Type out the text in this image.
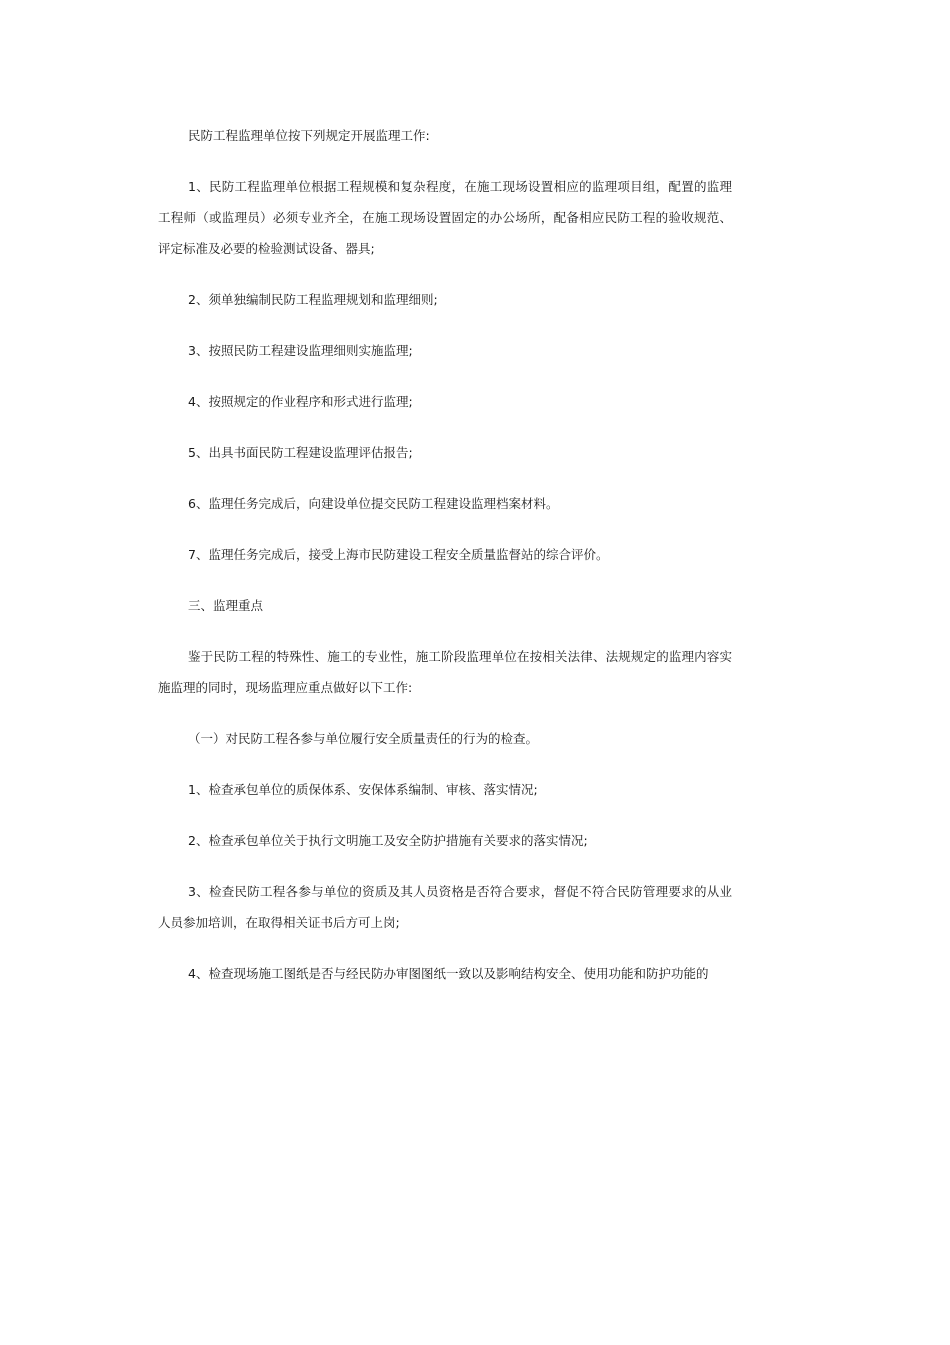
民防工程监理单位按下列规定开展监理工作:

1、民防工程监理单位根据工程规模和复杂程度，在施工现场设置相应的监理项目组，配置的监理工程师（或监理员）必须专业齐全，在施工现场设置固定的办公场所，配备相应民防工程的验收规范、评定标准及必要的检验测试设备、器具;

2、须单独编制民防工程监理规划和监理细则;

3、按照民防工程建设监理细则实施监理;

4、按照规定的作业程序和形式进行监理;

5、出具书面民防工程建设监理评估报告;

6、监理任务完成后，向建设单位提交民防工程建设监理档案材料。

7、监理任务完成后，接受上海市民防建设工程安全质量监督站的综合评价。

三、监理重点

鉴于民防工程的特殊性、施工的专业性，施工阶段监理单位在按相关法律、法规规定的监理内容实施监理的同时，现场监理应重点做好以下工作:

（一）对民防工程各参与单位履行安全质量责任的行为的检查。

1、检查承包单位的质保体系、安保体系编制、审核、落实情况;

2、检查承包单位关于执行文明施工及安全防护措施有关要求的落实情况;

3、检查民防工程各参与单位的资质及其人员资格是否符合要求，督促不符合民防管理要求的从业人员参加培训，在取得相关证书后方可上岗;

4、检查现场施工图纸是否与经民防办审图图纸一致以及影响结构安全、使用功能和防护功能的
